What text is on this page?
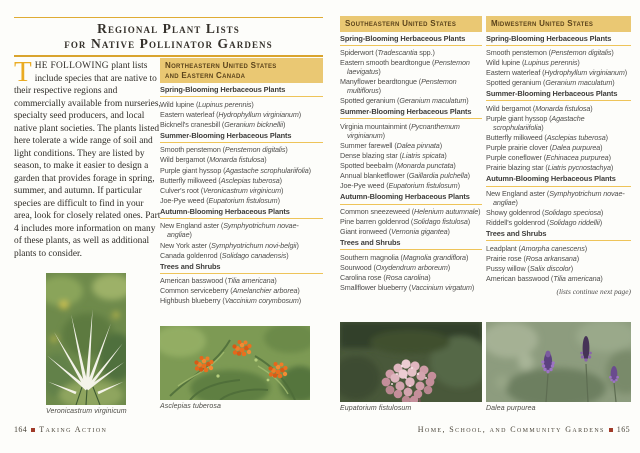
Regional Plant Lists
for Native Pollinator Gardens
THE FOLLOWING plant lists include species that are native to their respective regions and commercially available from nurseries, specialty seed producers, and local native plant societies. The plants listed here tolerate a wide range of soil and light conditions. They are listed by season, to make it easier to design a garden that provides forage in spring, summer, and autumn. If particular species are difficult to find in your area, look for closely related ones. Part 4 includes more information on many of these plants, as well as additional plants to consider.
Veronicastrum virginicum
Northeastern United States
and Eastern Canada
Spring-Blooming Herbaceous Plants
Wild lupine (Lupinus perennis)
Eastern waterleaf (Hydrophyllum virginianum)
Bicknell's cranesbill (Geranium bicknellii)
Summer-Blooming Herbaceous Plants
Smooth penstemon (Penstemon digitalis)
Wild bergamot (Monarda fistulosa)
Purple giant hyssop (Agastache scrophulariifolia)
Butterfly milkweed (Asclepias tuberosa)
Culver's root (Veronicastrum virginicum)
Joe-Pye weed (Eupatorium fistulosum)
Autumn-Blooming Herbaceous Plants
New England aster (Symphyotrichum novae-angliae)
New York aster (Symphyotrichum novi-belgii)
Canada goldenrod (Solidago canadensis)
Trees and Shrubs
American basswood (Tilia americana)
Common serviceberry (Amelanchier arborea)
Highbush blueberry (Vaccinium corymbosum)
Asclepias tuberosa
Southeastern United States
Spring-Blooming Herbaceous Plants
Spiderwort (Tradescantia spp.)
Eastern smooth beardtongue (Penstemon laevigatus)
Manyflower beardtongue (Penstemon multiflorus)
Spotted geranium (Geranium maculatum)
Summer-Blooming Herbaceous Plants
Virginia mountainmint (Pycnanthemum virginianum)
Summer farewell (Dalea pinnata)
Dense blazing star (Liatris spicata)
Spotted beebalm (Monarda punctata)
Annual blanketflower (Gaillardia pulchella)
Joe-Pye weed (Eupatorium fistulosum)
Autumn-Blooming Herbaceous Plants
Common sneezeweed (Helenium autumnale)
Pine barren goldenrod (Solidago fistulosa)
Giant ironweed (Vernonia gigantea)
Trees and Shrubs
Southern magnolia (Magnolia grandiflora)
Sourwood (Oxydendrum arboreum)
Carolina rose (Rosa carolina)
Smallflower blueberry (Vaccinium virgatum)
Midwestern United States
Spring-Blooming Herbaceous Plants
Smooth penstemon (Penstemon digitalis)
Wild lupine (Lupinus perennis)
Eastern waterleaf (Hydrophyllum virginianum)
Spotted geranium (Geranium maculatum)
Summer-Blooming Herbaceous Plants
Wild bergamot (Monarda fistulosa)
Purple giant hyssop (Agastache scrophulariifolia)
Butterfly milkweed (Asclepias tuberosa)
Purple prairie clover (Dalea purpurea)
Purple coneflower (Echinacea purpurea)
Prairie blazing star (Liatris pycnostachya)
Autumn-Blooming Herbaceous Plants
New England aster (Symphyotrichum novae-angliae)
Showy goldenrod (Solidago speciosa)
Riddell's goldenrod (Solidago riddellii)
Trees and Shrubs
Leadplant (Amorpha canescens)
Prairie rose (Rosa arkansana)
Pussy willow (Salix discolor)
American basswood (Tilia americana)
(lists continue next page)
Eupatorium fistulosum	Dalea purpurea
164 Taking Action	Home, School, and Community Gardens 165
